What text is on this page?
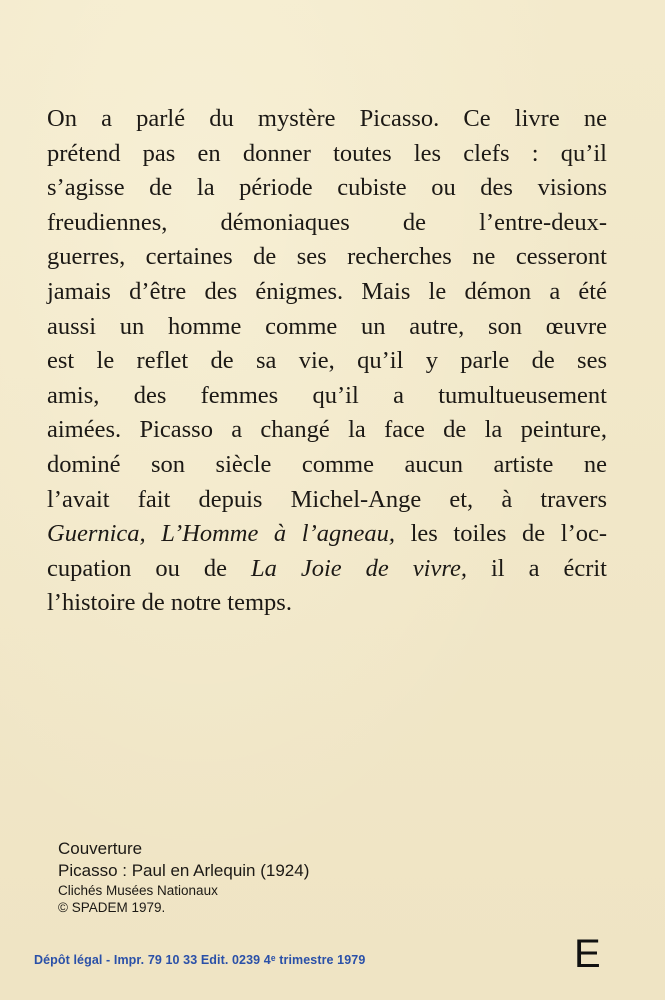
On a parlé du mystère Picasso. Ce livre ne
prétend pas en donner toutes les clefs : qu’il
s’agisse de la période cubiste ou des visions
freudiennes, démoniaques de l’entre-deux-
guerres, certaines de ses recherches ne cesseront
jamais d’être des énigmes. Mais le démon a été
aussi un homme comme un autre, son œuvre
est le reflet de sa vie, qu’il y parle de ses
amis, des femmes qu’il a tumultueusement
aimées. Picasso a changé la face de la peinture,
dominé son siècle comme aucun artiste ne
l’avait fait depuis Michel-Ange et, à travers
Guernica, L’Homme à l’agneau, les toiles de l’oc-
cupation ou de La Joie de vivre, il a écrit
l’histoire de notre temps.
Couverture
Picasso : Paul en Arlequin (1924)
Clichés Musées Nationaux
© SPADEM 1979.
Dépôt légal - Impr. 79 10 33 Edit. 0239 4ᵉ trimestre 1979	E
